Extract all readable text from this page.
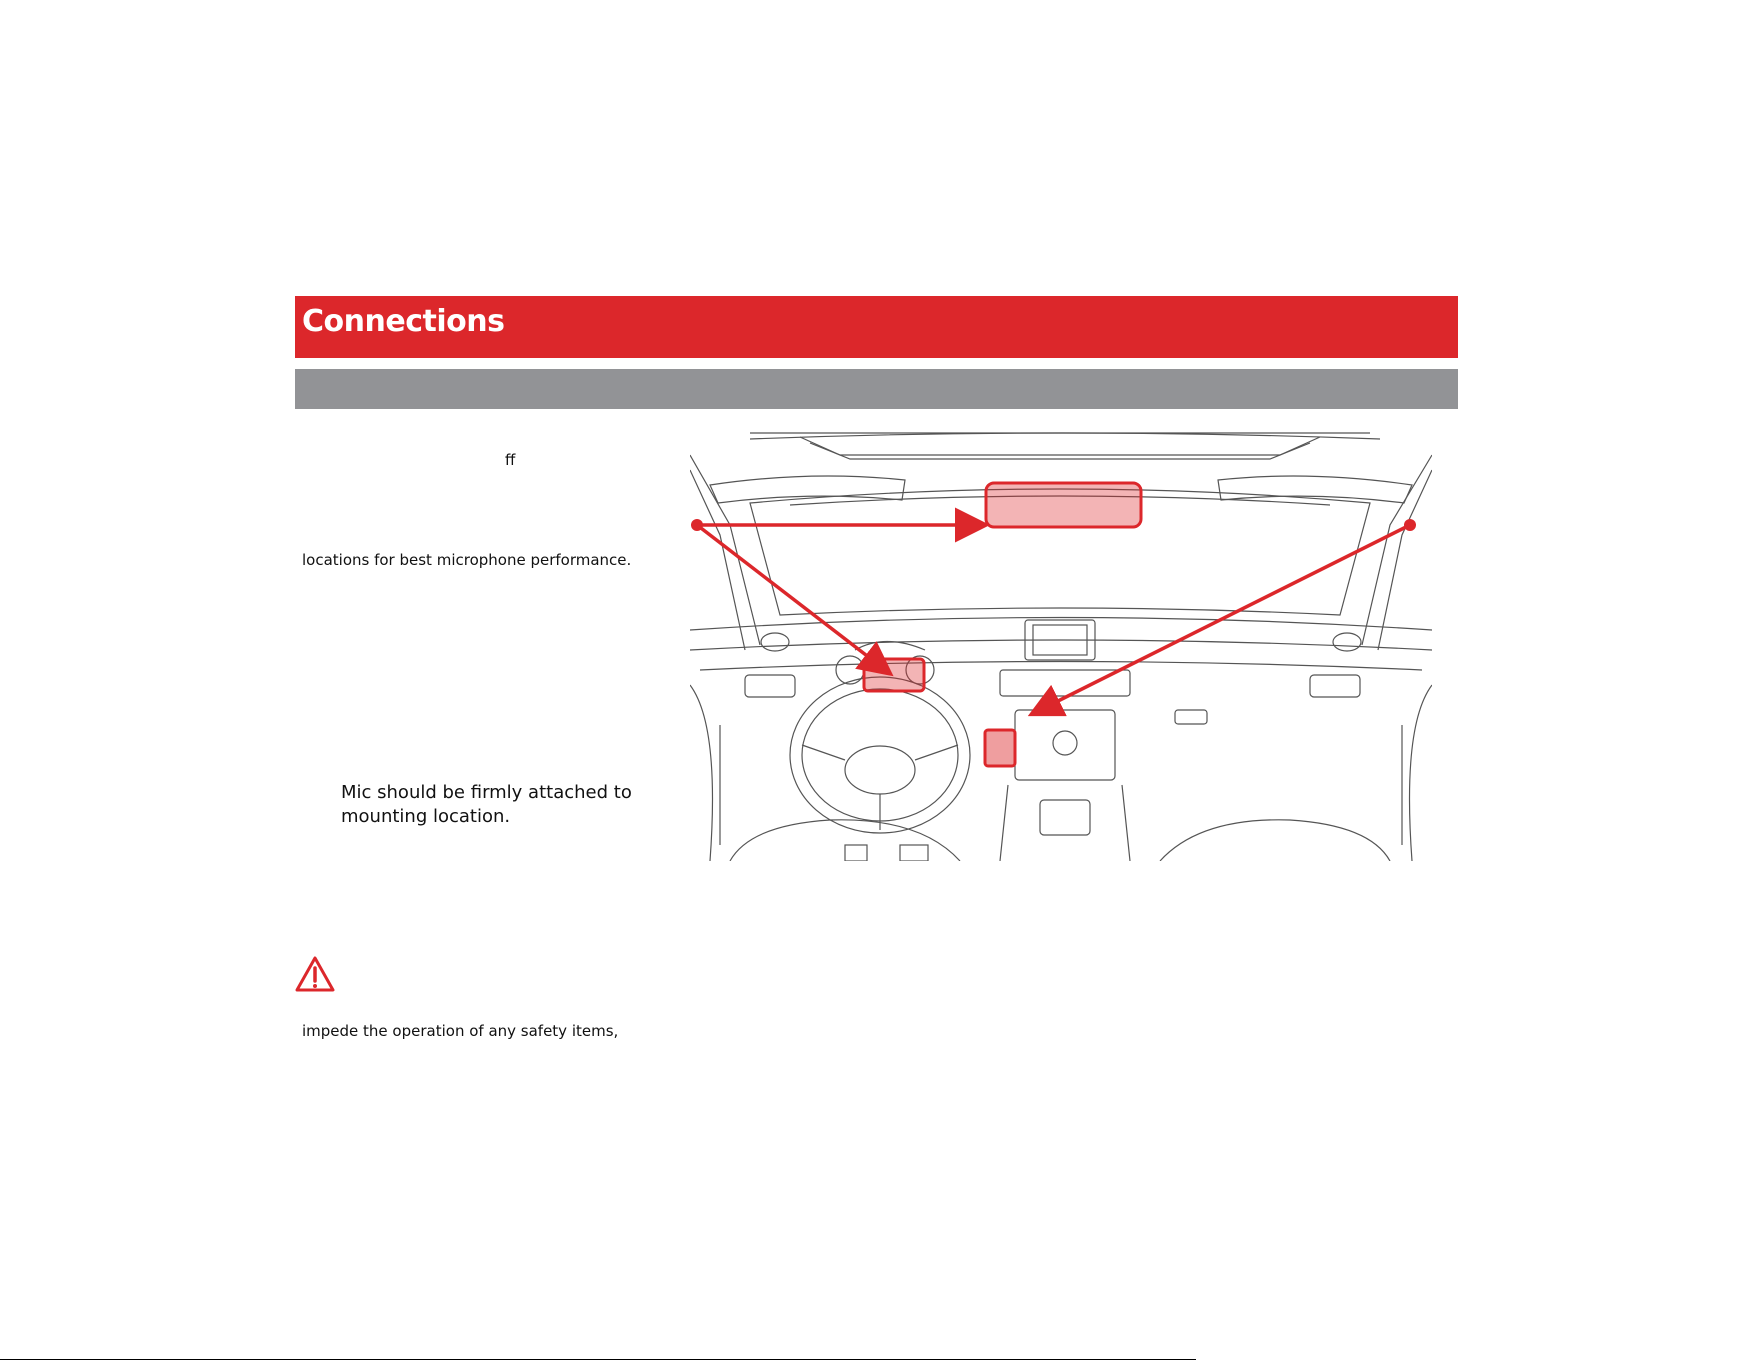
Connections
ff
locations for best microphone performance.
Mic should be firmly attached to
mounting location.
impede the operation of any safety items,
